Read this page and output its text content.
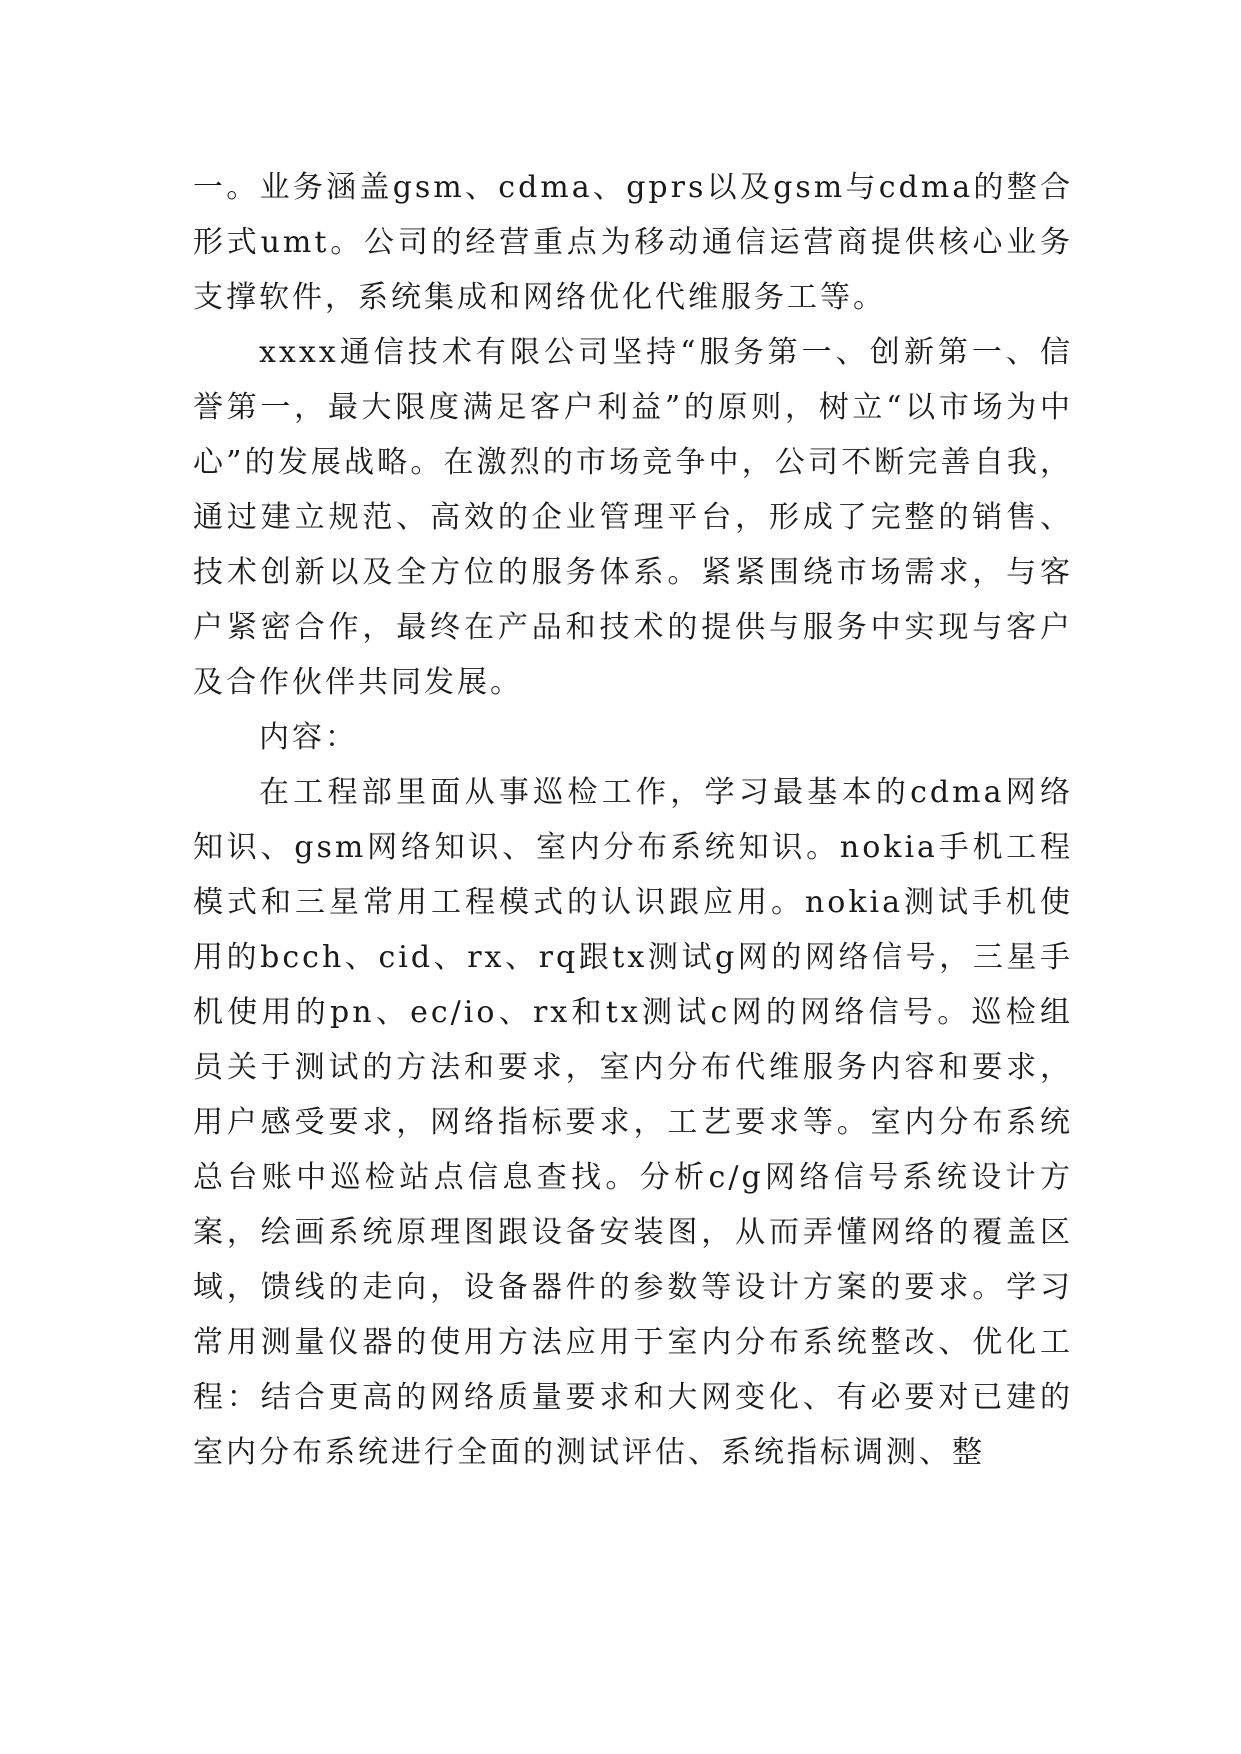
一。业务涵盖gsm、cdma、gprs以及gsm与cdma的整合形式umt。公司的经营重点为移动通信运营商提供核心业务支撑软件，系统集成和网络优化代维服务工等。

xxxx通信技术有限公司坚持“服务第一、创新第一、信誉第一，最大限度满足客户利益”的原则，树立“以市场为中心”的发展战略。在激烈的市场竞争中，公司不断完善自我，通过建立规范、高效的企业管理平台，形成了完整的销售、技术创新以及全方位的服务体系。紧紧围绕市场需求，与客户紧密合作，最终在产品和技术的提供与服务中实现与客户及合作伙伴共同发展。

内容：

在工程部里面从事巡检工作，学习最基本的cdma网络知识、gsm网络知识、室内分布系统知识。nokia手机工程模式和三星常用工程模式的认识跟应用。nokia测试手机使用的bcch、cid、rx、rq跟tx测试g网的网络信号，三星手机使用的pn、ec/io、rx和tx测试c网的网络信号。巡检组员关于测试的方法和要求，室内分布代维服务内容和要求，用户感受要求，网络指标要求，工艺要求等。室内分布系统总台账中巡检站点信息查找。分析c/g网络信号系统设计方案，绘画系统原理图跟设备安装图，从而弄懂网络的覆盖区域，馈线的走向，设备器件的参数等设计方案的要求。学习常用测量仪器的使用方法应用于室内分布系统整改、优化工程：结合更高的网络质量要求和大网变化、有必要对已建的室内分布系统进行全面的测试评估、系统指标调测、整
